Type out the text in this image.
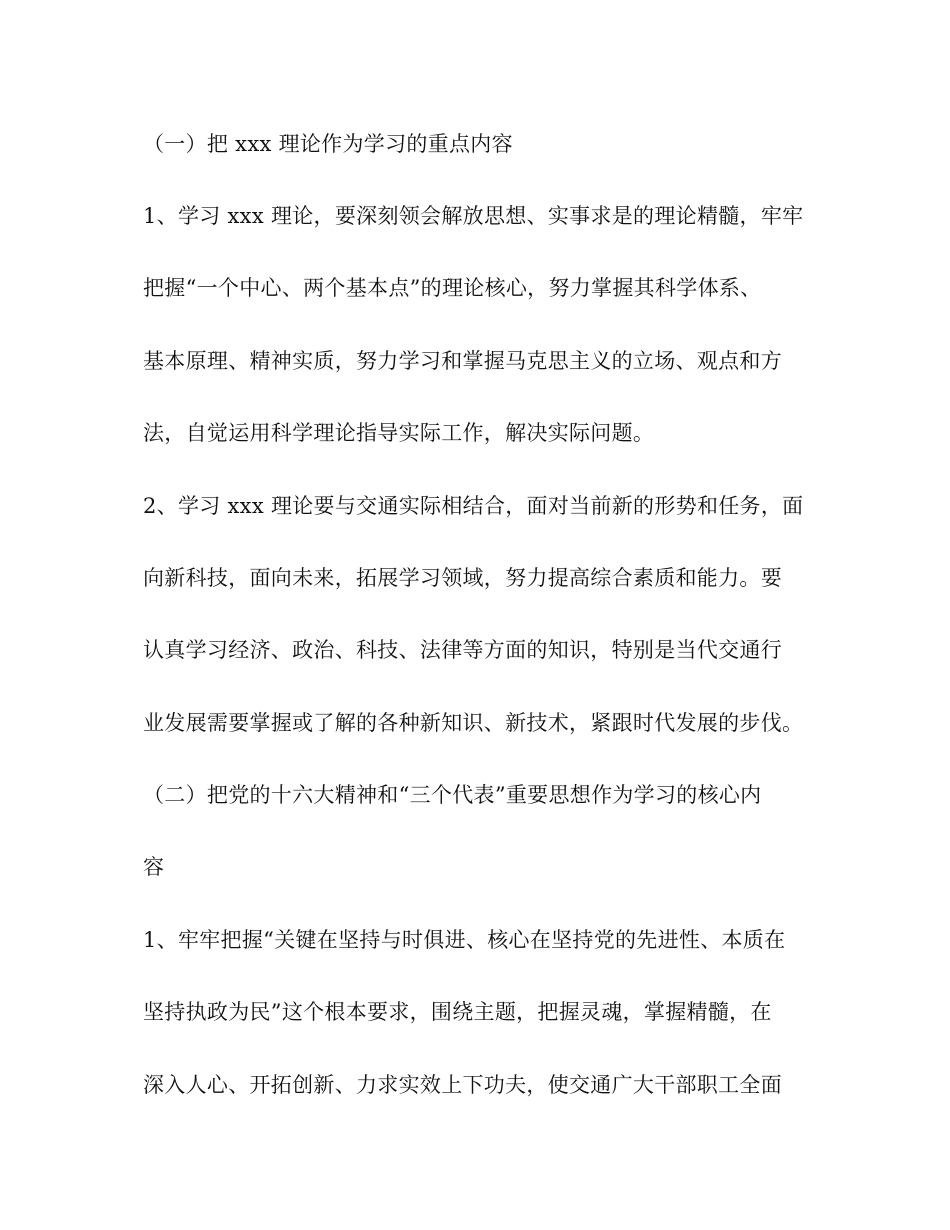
（一）把 xxx 理论作为学习的重点内容
1、学习 xxx 理论，要深刻领会解放思想、实事求是的理论精髓，牢牢
把握“一个中心、两个基本点”的理论核心，努力掌握其科学体系、
基本原理、精神实质，努力学习和掌握马克思主义的立场、观点和方
法，自觉运用科学理论指导实际工作，解决实际问题。
2、学习 xxx 理论要与交通实际相结合，面对当前新的形势和任务，面
向新科技，面向未来，拓展学习领域，努力提高综合素质和能力。要
认真学习经济、政治、科技、法律等方面的知识，特别是当代交通行
业发展需要掌握或了解的各种新知识、新技术，紧跟时代发展的步伐。
（二）把党的十六大精神和“三个代表”重要思想作为学习的核心内
容
1、牢牢把握“关键在坚持与时俱进、核心在坚持党的先进性、本质在
坚持执政为民”这个根本要求，围绕主题，把握灵魂，掌握精髓，在
深入人心、开拓创新、力求实效上下功夫，使交通广大干部职工全面
